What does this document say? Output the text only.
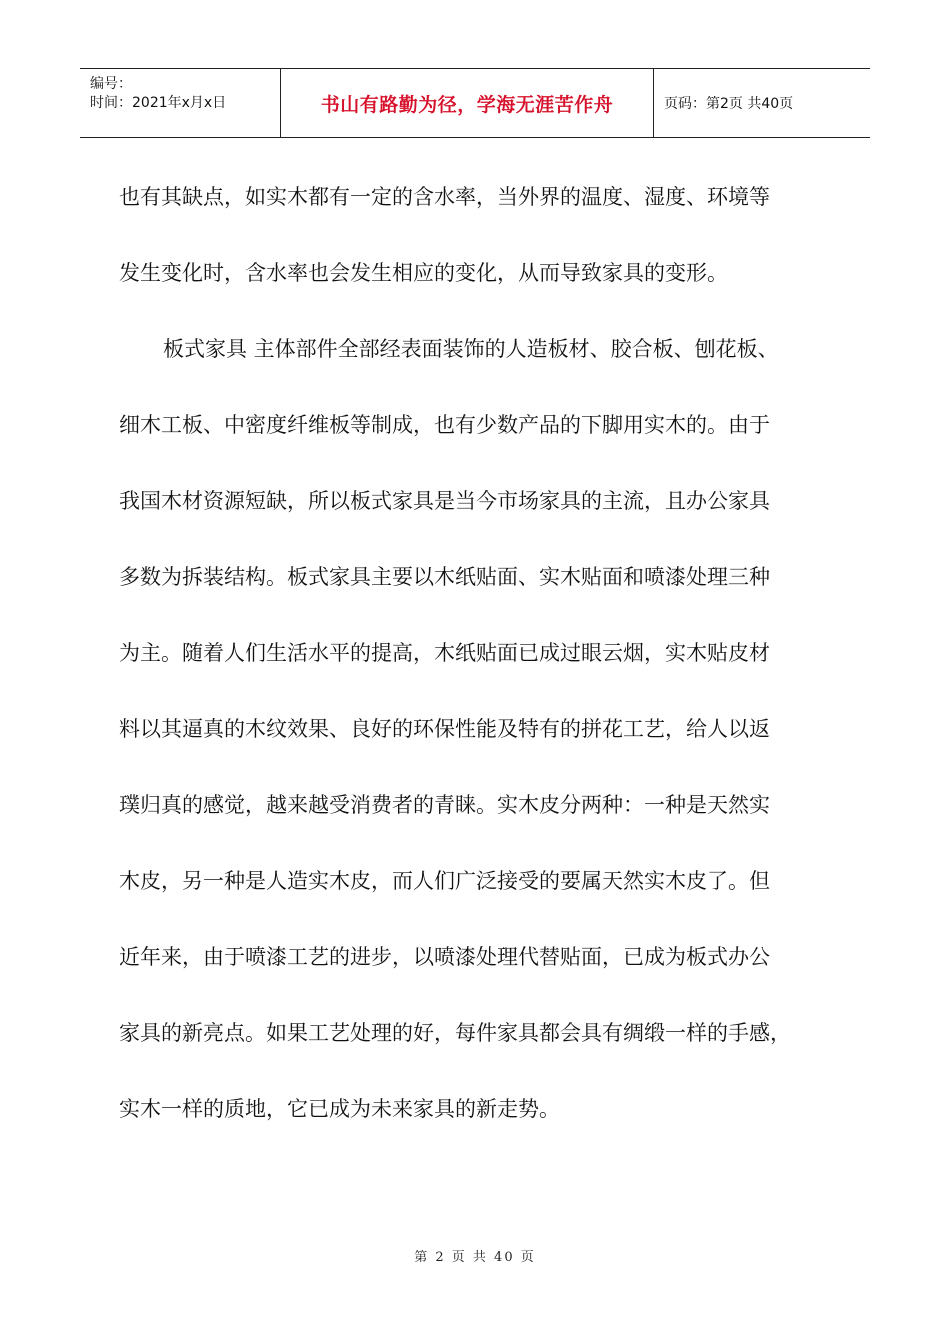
编号：
时间：2021年x月x日	书山有路勤为径，学海无涯苦作舟	页码：第2页 共40页
也有其缺点，如实木都有一定的含水率，当外界的温度、湿度、环境等
发生变化时，含水率也会发生相应的变化，从而导致家具的变形。
板式家具 主体部件全部经表面装饰的人造板材、胶合板、刨花板、
细木工板、中密度纤维板等制成，也有少数产品的下脚用实木的。由于
我国木材资源短缺，所以板式家具是当今市场家具的主流，且办公家具
多数为拆装结构。板式家具主要以木纸贴面、实木贴面和喷漆处理三种
为主。随着人们生活水平的提高，木纸贴面已成过眼云烟，实木贴皮材
料以其逼真的木纹效果、良好的环保性能及特有的拼花工艺，给人以返
璞归真的感觉，越来越受消费者的青睐。实木皮分两种：一种是天然实
木皮，另一种是人造实木皮，而人们广泛接受的要属天然实木皮了。但
近年来，由于喷漆工艺的进步，以喷漆处理代替贴面，已成为板式办公
家具的新亮点。如果工艺处理的好，每件家具都会具有绸缎一样的手感，
实木一样的质地，它已成为未来家具的新走势。
第 2 页 共 40 页
